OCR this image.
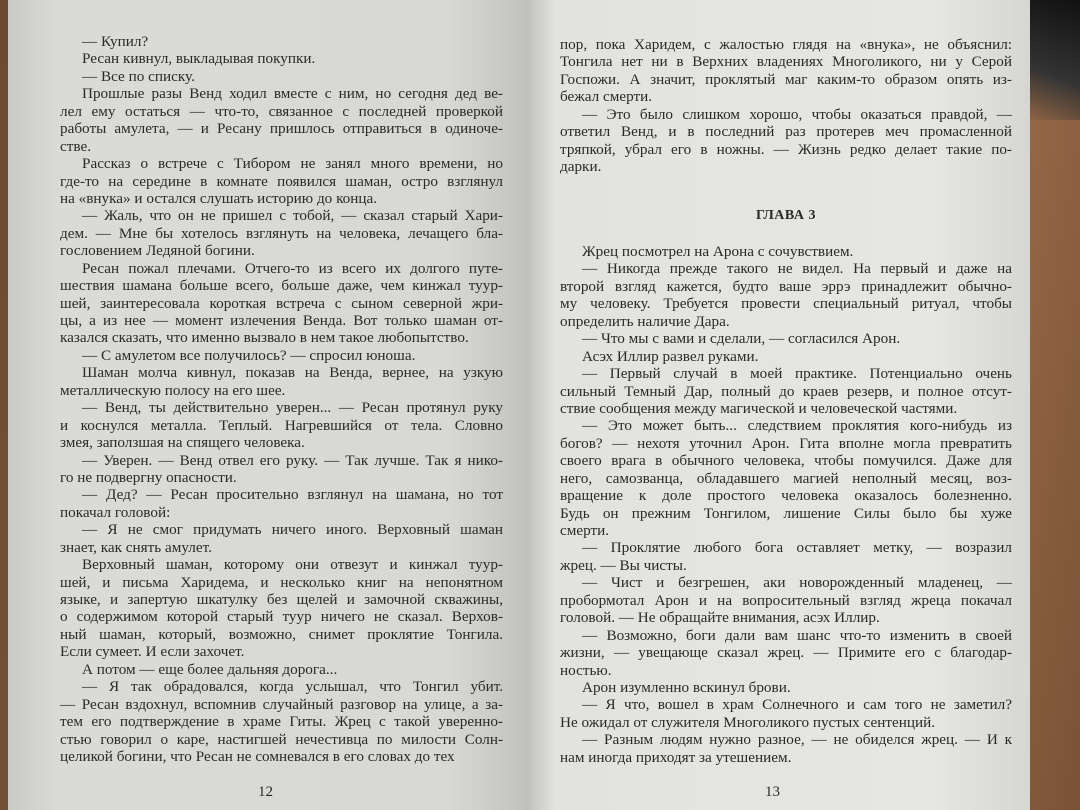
— Купил?
Ресан кивнул, выкладывая покупки.
— Все по списку.
Прошлые разы Венд ходил вместе с ним, но сегодня дед ве-
лел ему остаться — что-то, связанное с последней проверкой
работы амулета, — и Ресану пришлось отправиться в одиноче-
стве.
Рассказ о встрече с Тибором не занял много времени, но
где-то на середине в комнате появился шаман, остро взглянул
на «внука» и остался слушать историю до конца.
— Жаль, что он не пришел с тобой, — сказал старый Хари-
дем. — Мне бы хотелось взглянуть на человека, лечащего бла-
гословением Ледяной богини.
Ресан пожал плечами. Отчего-то из всего их долгого путе-
шествия шамана больше всего, больше даже, чем кинжал туур-
шей, заинтересовала короткая встреча с сыном северной жри-
цы, а из нее — момент излечения Венда. Вот только шаман от-
казался сказать, что именно вызвало в нем такое любопытство.
— С амулетом все получилось? — спросил юноша.
Шаман молча кивнул, показав на Венда, вернее, на узкую
металлическую полосу на его шее.
— Венд, ты действительно уверен... — Ресан протянул руку
и коснулся металла. Теплый. Нагревшийся от тела. Словно
змея, заползшая на спящего человека.
— Уверен. — Венд отвел его руку. — Так лучше. Так я нико-
го не подвергну опасности.
— Дед? — Ресан просительно взглянул на шамана, но тот
покачал головой:
— Я не смог придумать ничего иного. Верховный шаман
знает, как снять амулет.
Верховный шаман, которому они отвезут и кинжал туур-
шей, и письма Харидема, и несколько книг на непонятном
языке, и запертую шкатулку без щелей и замочной скважины,
о содержимом которой старый туур ничего не сказал. Верхов-
ный шаман, который, возможно, снимет проклятие Тонгила.
Если сумеет. И если захочет.
А потом — еще более дальняя дорога...
— Я так обрадовался, когда услышал, что Тонгил убит.
— Ресан вздохнул, вспомнив случайный разговор на улице, а за-
тем его подтверждение в храме Гиты. Жрец с такой уверенно-
стью говорил о каре, настигшей нечестивца по милости Солн-
целикой богини, что Ресан не сомневался в его словах до тех
12
пор, пока Харидем, с жалостью глядя на «внука», не объяснил:
Тонгила нет ни в Верхних владениях Многоликого, ни у Серой
Госпожи. А значит, проклятый маг каким-то образом опять из-
бежал смерти.
— Это было слишком хорошо, чтобы оказаться правдой, —
ответил Венд, и в последний раз протерев меч промасленной
тряпкой, убрал его в ножны. — Жизнь редко делает такие по-
дарки.
ГЛАВА 3
Жрец посмотрел на Арона с сочувствием.
— Никогда прежде такого не видел. На первый и даже на
второй взгляд кажется, будто ваше эррэ принадлежит обычно-
му человеку. Требуется провести специальный ритуал, чтобы
определить наличие Дара.
— Что мы с вами и сделали, — согласился Арон.
Асэх Иллир развел руками.
— Первый случай в моей практике. Потенциально очень
сильный Темный Дар, полный до краев резерв, и полное отсут-
ствие сообщения между магической и человеческой частями.
— Это может быть... следствием проклятия кого-нибудь из
богов? — нехотя уточнил Арон. Гита вполне могла превратить
своего врага в обычного человека, чтобы помучился. Даже для
него, самозванца, обладавшего магией неполный месяц, воз-
вращение к доле простого человека оказалось болезненно.
Будь он прежним Тонгилом, лишение Силы было бы хуже
смерти.
— Проклятие любого бога оставляет метку, — возразил
жрец. — Вы чисты.
— Чист и безгрешен, аки новорожденный младенец, —
пробормотал Арон и на вопросительный взгляд жреца покачал
головой. — Не обращайте внимания, асэх Иллир.
— Возможно, боги дали вам шанс что-то изменить в своей
жизни, — увещающе сказал жрец. — Примите его с благодар-
ностью.
Арон изумленно вскинул брови.
— Я что, вошел в храм Солнечного и сам того не заметил?
Не ожидал от служителя Многоликого пустых сентенций.
— Разным людям нужно разное, — не обиделся жрец. — И к
нам иногда приходят за утешением.
13
